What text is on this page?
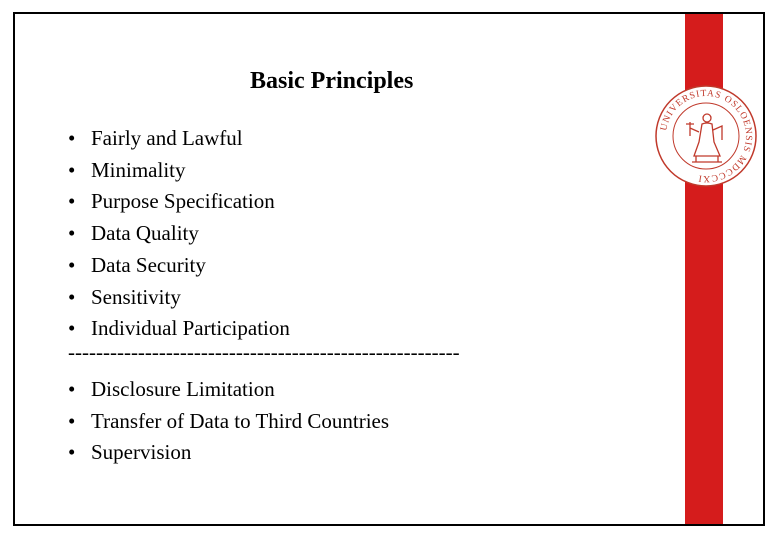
UNIVERSITAS OSLOENSIS MDCCCXI
Basic Principles
• Fairly and Lawful
• Minimality
• Purpose Specification
• Data Quality
• Data Security
• Sensitivity
• Individual Participation
--------------------------------------------------------
• Disclosure Limitation
• Transfer of Data to Third Countries
• Supervision
